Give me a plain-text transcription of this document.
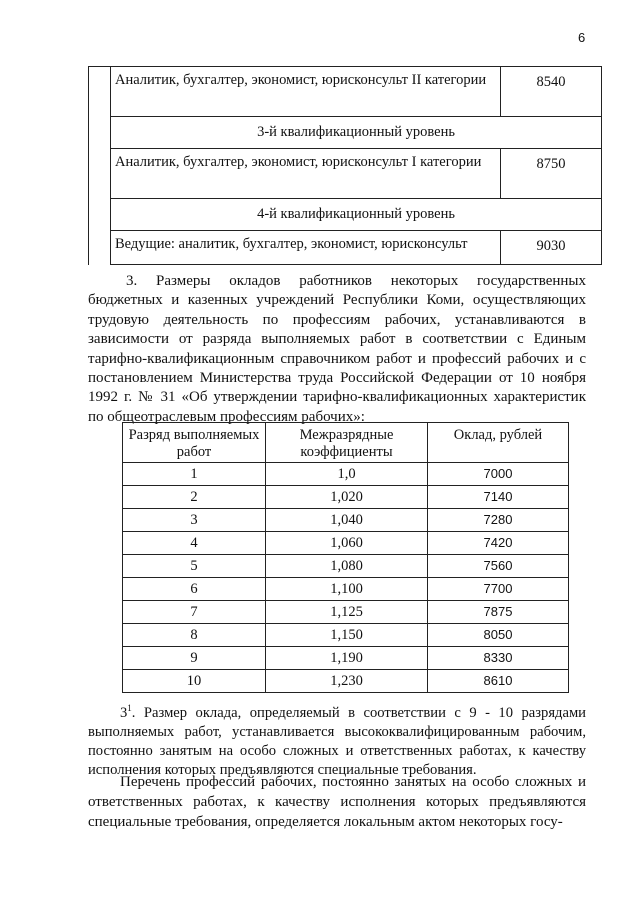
6
	Аналитик, бухгалтер, экономист, юрисконсульт II категории	8540
	3-й квалификационный уровень	
	Аналитик, бухгалтер, экономист, юрисконсульт I категории	8750
	4-й квалификационный уровень	
	Ведущие: аналитик, бухгалтер, экономист, юрисконсульт	9030

3. Размеры окладов работников некоторых государственных бюджетных и казенных учреждений Республики Коми, осуществляющих трудовую деятельность по профессиям рабочих, устанавливаются в зависимости от разряда выполняемых работ в соответствии с Единым тарифно-квалификационным справочником работ и профессий рабочих и с постановлением Министерства труда Российской Федерации от 10 ноября 1992 г. № 31 «Об утверждении тарифно-квалификационных характеристик по общеотраслевым профессиям рабочих»:

Разряд выполняемых работ	Межразрядные коэффициенты	Оклад, рублей
1	1,0	7000
2	1,020	7140
3	1,040	7280
4	1,060	7420
5	1,080	7560
6	1,100	7700
7	1,125	7875
8	1,150	8050
9	1,190	8330
10	1,230	8610

$3^1$. Размер оклада, определяемый в соответствии с 9 - 10 разрядами выполняемых работ, устанавливается высококвалифицированным рабочим, постоянно занятым на особо сложных и ответственных работах, к качеству исполнения которых предъявляются специальные требования.

Перечень профессий рабочих, постоянно занятых на особо сложных и ответственных работах, к качеству исполнения которых предъявляются специальные требования, определяется локальным актом некоторых госу-
